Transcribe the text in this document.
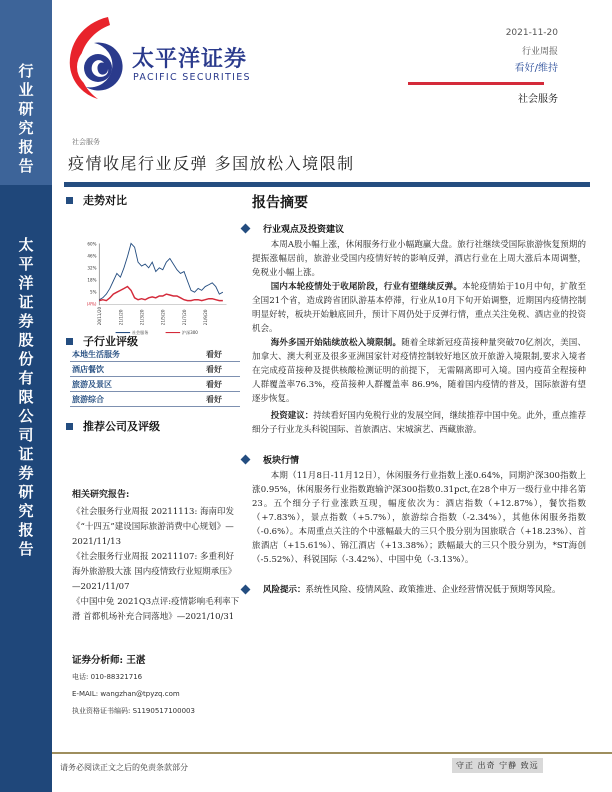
行
业
研
究
报
告
太
平
洋
证
券
股
份
有
限
公
司
证
券
研
究
报
告
太平洋证券
PACIFIC SECURITIES
2021-11-20
行业周报
看好/维持
社会服务
社会服务
疫情收尾行业反弹 多国放松入境限制
走势对比
60%
46%
32%
18%
5%
(4%)
20/11/20	21/1/20	21/3/20	21/5/20	21/7/20	21/9/20
社会服务	沪深300
子行业评级
本地生活服务	看好
酒店餐饮	看好
旅游及景区	看好
旅游综合	看好
推荐公司及评级
相关研究报告:
《社会服务行业周报 20211113: 海南印发《“十四五”建设国际旅游消费中心规划》—2021/11/13
《社会服务行业周报 20211107: 多重利好海外旅游股大涨 国内疫情致行业短期承压》—2021/11/07
《中国中免 2021Q3点评:疫情影响毛利率下滑 首都机场补充合同落地》—2021/10/31
证券分析师: 王湛
电话: 010-88321716
E-MAIL: wangzhan@tpyzq.com
执业资格证书编码: S1190517100003
报告摘要
行业观点及投资建议

本周A股小幅上涨，休闲服务行业小幅跑赢大盘。旅行社继续受国际旅游恢复预期的提振涨幅居前，旅游业受国内疫情好转的影响反弹，酒店行业在上周大涨后本周调整， 免税业小幅上涨。

国内本轮疫情处于收尾阶段，行业有望继续反弹。本轮疫情始于10月中旬，扩散至全国21个省，造成跨省团队游基本停滞，行业从10月下旬开始调整，近期国内疫情控制明显好转，板块开始触底回升，预计下周仍处于反弹行情，重点关注免税、酒店业的投资机会。

海外多国开始陆续放松入境限制。随着全球新冠疫苗接种量突破70亿剂次，美国、加拿大、澳大利亚及很多亚洲国家针对疫情控制较好地区放开旅游入境限制,要求入境者在完成疫苗接种及提供核酸检测证明的前提下， 无需隔离即可入境。国内疫苗全程接种人群覆盖率76.3%，疫苗接种人群覆盖率 86.9%，随着国内疫情的普及，国际旅游有望逐步恢复。

投资建议：持续看好国内免税行业的发展空间，继续推荐中国中免。此外，重点推荐细分子行业龙头科锐国际、首旅酒店、宋城演艺、西藏旅游。

板块行情

本期（11月8日-11月12日），休闲服务行业指数上涨0.64%，同期沪深300指数上涨0.95%，休闲服务行业指数跑输沪深300指数0.31pct,在28个申万一级行业中排名第23。五个细分子行业涨跌互现，幅度依次为：酒店指数（+12.87%），餐饮指数（+7.83%），景点指数（+5.7%），旅游综合指数（-2.34%），其他休闲服务指数（-0.6%）。本周重点关注的个中涨幅最大的三只个股分别为国旅联合（+18.23%）、首旅酒店（+15.61%）、锦江酒店（+13.38%）；跌幅最大的三只个股分别为，*ST海创（-5.52%）、科锐国际（-3.42%）、中国中免（-3.13%）。

风险提示：系统性风险、疫情风险、政策推进、企业经营情况低于预期等风险。
请务必阅读正文之后的免责条款部分	守正 出奇 宁静 致远
